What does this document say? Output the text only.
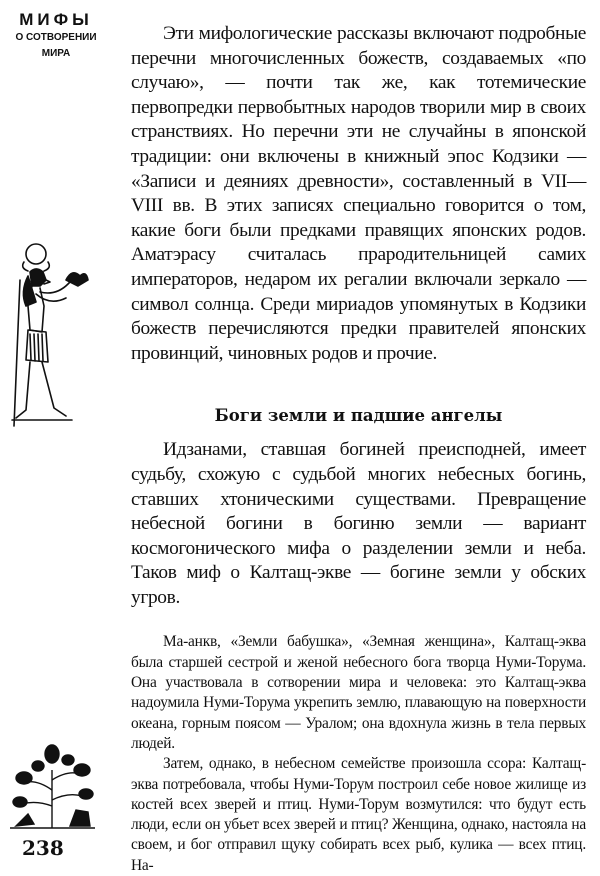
МИФЫ
О СОТВОРЕНИИ
МИРА
238

Эти мифологические рассказы включают подробные перечни многочисленных божеств, создаваемых «по случаю», — почти так же, как тотемические первопредки первобытных народов творили мир в своих странствиях. Но перечни эти не случайны в японской традиции: они включены в книжный эпос Кодзики — «Записи и деяниях древности», составленный в VII—VIII вв. В этих записях специально говорится о том, какие боги были предками правящих японских родов. Аматэрасу считалась прародительницей самих императоров, недаром их регалии включали зеркало — символ солнца. Среди мириадов упомянутых в Кодзики божеств перечисляются предки правителей японских провинций, чиновных родов и прочие.

Боги земли и падшие ангелы

Идзанами, ставшая богиней преисподней, имеет судьбу, схожую с судьбой многих небесных богинь, ставших хтоническими существами. Превращение небесной богини в богиню земли — вариант космогонического мифа о разделении земли и неба. Таков миф о Калтащ-экве — богине земли у обских угров.

Ма-анкв, «Земли бабушка», «Земная женщина», Калтащ-эква была старшей сестрой и женой небесного бога творца Нуми-Торума. Она участвовала в сотворении мира и человека: это Калтащ-эква надоумила Нуми-Торума укрепить землю, плавающую на поверхности океана, горным поясом — Уралом; она вдохнула жизнь в тела первых людей.

Затем, однако, в небесном семействе произошла ссора: Калтащ-эква потребовала, чтобы Нуми-Торум построил себе новое жилище из костей всех зверей и птиц. Нуми-Торум возмутился: что будут есть люди, если он убьет всех зверей и птиц? Женщина, однако, настояла на своем, и бог отправил щуку собирать всех рыб, кулика — всех птиц. На-
